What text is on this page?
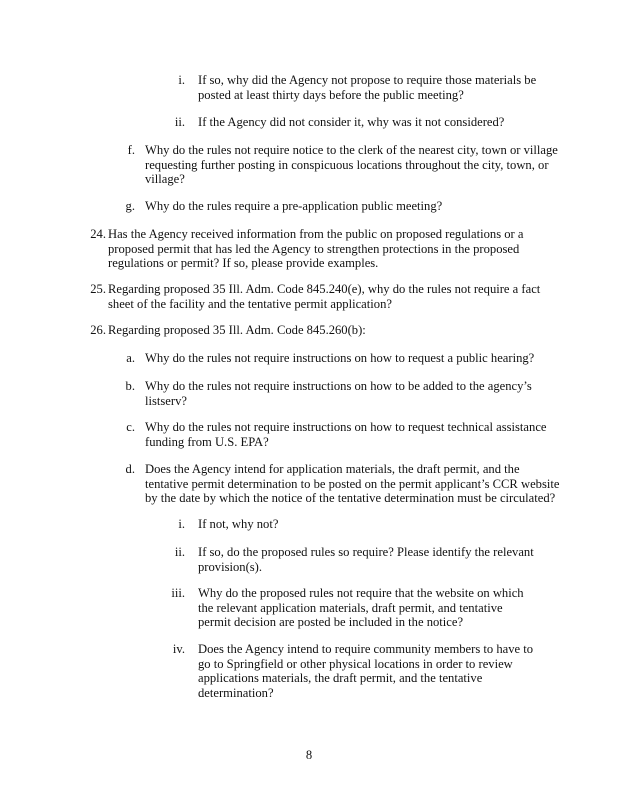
i. If so, why did the Agency not propose to require those materials be posted at least thirty days before the public meeting?
ii. If the Agency did not consider it, why was it not considered?
f. Why do the rules not require notice to the clerk of the nearest city, town or village requesting further posting in conspicuous locations throughout the city, town, or village?
g. Why do the rules require a pre-application public meeting?
24. Has the Agency received information from the public on proposed regulations or a proposed permit that has led the Agency to strengthen protections in the proposed regulations or permit? If so, please provide examples.
25. Regarding proposed 35 Ill. Adm. Code 845.240(e), why do the rules not require a fact sheet of the facility and the tentative permit application?
26. Regarding proposed 35 Ill. Adm. Code 845.260(b):
a. Why do the rules not require instructions on how to request a public hearing?
b. Why do the rules not require instructions on how to be added to the agency’s listserv?
c. Why do the rules not require instructions on how to request technical assistance funding from U.S. EPA?
d. Does the Agency intend for application materials, the draft permit, and the tentative permit determination to be posted on the permit applicant’s CCR website by the date by which the notice of the tentative determination must be circulated?
i. If not, why not?
ii. If so, do the proposed rules so require? Please identify the relevant provision(s).
iii. Why do the proposed rules not require that the website on which the relevant application materials, draft permit, and tentative permit decision are posted be included in the notice?
iv. Does the Agency intend to require community members to have to go to Springfield or other physical locations in order to review applications materials, the draft permit, and the tentative determination?
8
